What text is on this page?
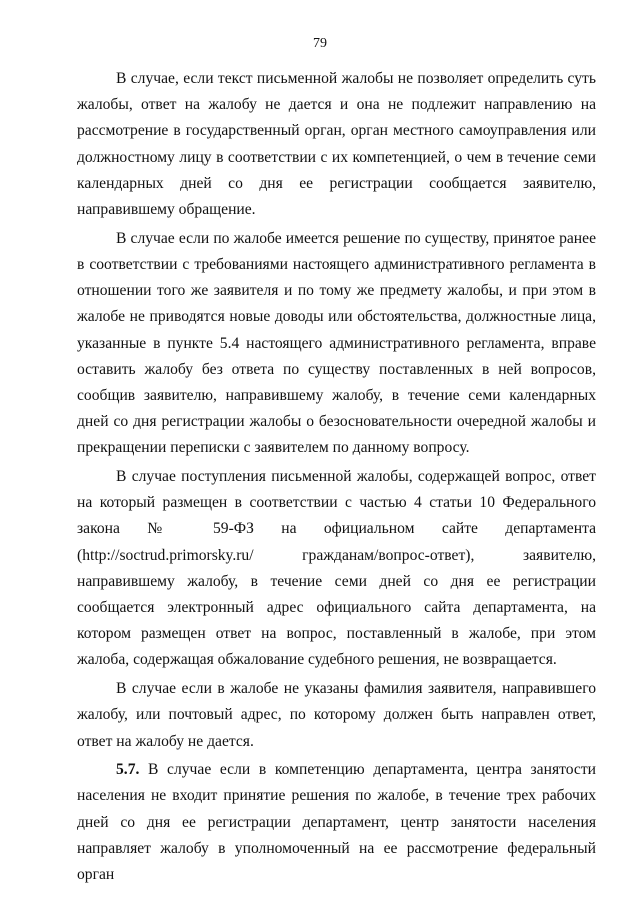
79

В случае, если текст письменной жалобы не позволяет определить суть жалобы, ответ на жалобу не дается и она не подлежит направлению на рассмотрение в государственный орган, орган местного самоуправления или должностному лицу в соответствии с их компетенцией, о чем в течение семи календарных дней со дня ее регистрации сообщается заявителю, направившему обращение.

В случае если по жалобе имеется решение по существу, принятое ранее в соответствии с требованиями настоящего административного регламента в отношении того же заявителя и по тому же предмету жалобы, и при этом в жалобе не приводятся новые доводы или обстоятельства, должностные лица, указанные в пункте 5.4 настоящего административного регламента, вправе оставить жалобу без ответа по существу поставленных в ней вопросов, сообщив заявителю, направившему жалобу, в течение семи календарных дней со дня регистрации жалобы о безосновательности очередной жалобы и прекращении переписки с заявителем по данному вопросу.

В случае поступления письменной жалобы, содержащей вопрос, ответ на который размещен в соответствии с частью 4 статьи 10 Федерального закона № 59-ФЗ на официальном сайте департамента (http://soctrud.primorsky.ru/ гражданам/вопрос-ответ), заявителю, направившему жалобу, в течение семи дней со дня ее регистрации сообщается электронный адрес официального сайта департамента, на котором размещен ответ на вопрос, поставленный в жалобе, при этом жалоба, содержащая обжалование судебного решения, не возвращается.

В случае если в жалобе не указаны фамилия заявителя, направившего жалобу, или почтовый адрес, по которому должен быть направлен ответ, ответ на жалобу не дается.

5.7. В случае если в компетенцию департамента, центра занятости населения не входит принятие решения по жалобе, в течение трех рабочих дней со дня ее регистрации департамент, центр занятости населения направляет жалобу в уполномоченный на ее рассмотрение федеральный орган
